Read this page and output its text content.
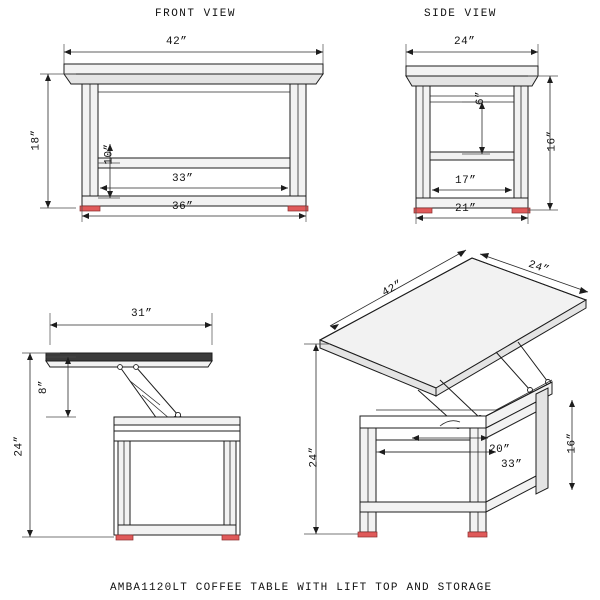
FRONT VIEW	SIDE VIEW
42”
18”
10”
33”
36”
24”
6”
16”
17”
21”
31”
8”
24”
42”
24”
24”	20”
33”
16”
AMBA1120LT COFFEE TABLE WITH LIFT TOP AND STORAGE
